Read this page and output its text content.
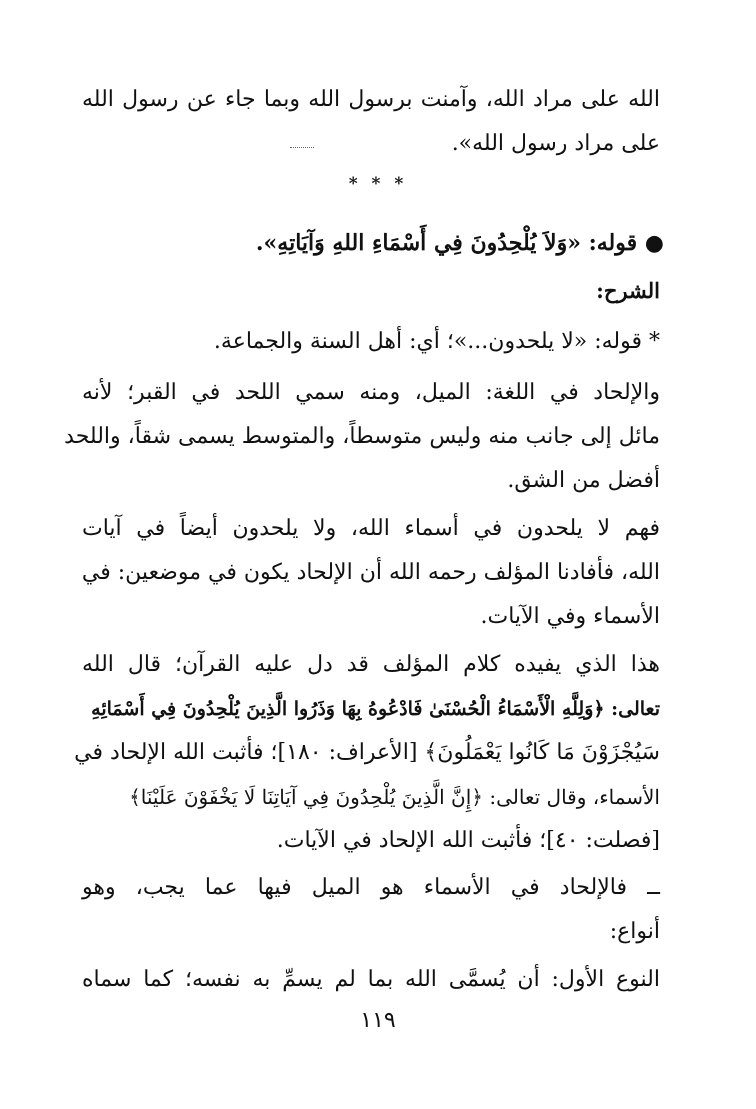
الله على مراد الله، وآمنت برسول الله وبما جاء عن رسول الله
على مراد رسول الله».
* * *
● قوله: «وَلاَ يُلْحِدُونَ فِي أَسْمَاءِ اللهِ وَآيَاتِهِ».
الشرح:
* قوله: «لا يلحدون...»؛ أي: أهل السنة والجماعة.
والإلحاد في اللغة: الميل، ومنه سمي اللحد في القبر؛ لأنه
مائل إلى جانب منه وليس متوسطاً، والمتوسط يسمى شقاً، واللحد
أفضل من الشق.
فهم لا يلحدون في أسماء الله، ولا يلحدون أيضاً في آيات
الله، فأفادنا المؤلف رحمه الله أن الإلحاد يكون في موضعين: في
الأسماء وفي الآيات.
هذا الذي يفيده كلام المؤلف قد دل عليه القرآن؛ قال الله
تعالى: ﴿وَلِلَّهِ الْأَسْمَاءُ الْحُسْنَىٰ فَادْعُوهُ بِهَا وَذَرُوا الَّذِينَ يُلْحِدُونَ فِي أَسْمَائِهِ
سَيُجْزَوْنَ مَا كَانُوا يَعْمَلُونَ﴾ [الأعراف: ١٨٠]؛ فأثبت الله الإلحاد في
الأسماء، وقال تعالى: ﴿إِنَّ الَّذِينَ يُلْحِدُونَ فِي آيَاتِنَا لَا يَخْفَوْنَ عَلَيْنَا﴾
[فصلت: ٤٠]؛ فأثبت الله الإلحاد في الآيات.
ــ فالإلحاد في الأسماء هو الميل فيها عما يجب، وهو
أنواع:
النوع الأول: أن يُسمَّى الله بما لم يسمِّ به نفسه؛ كما سماه
١١٩
